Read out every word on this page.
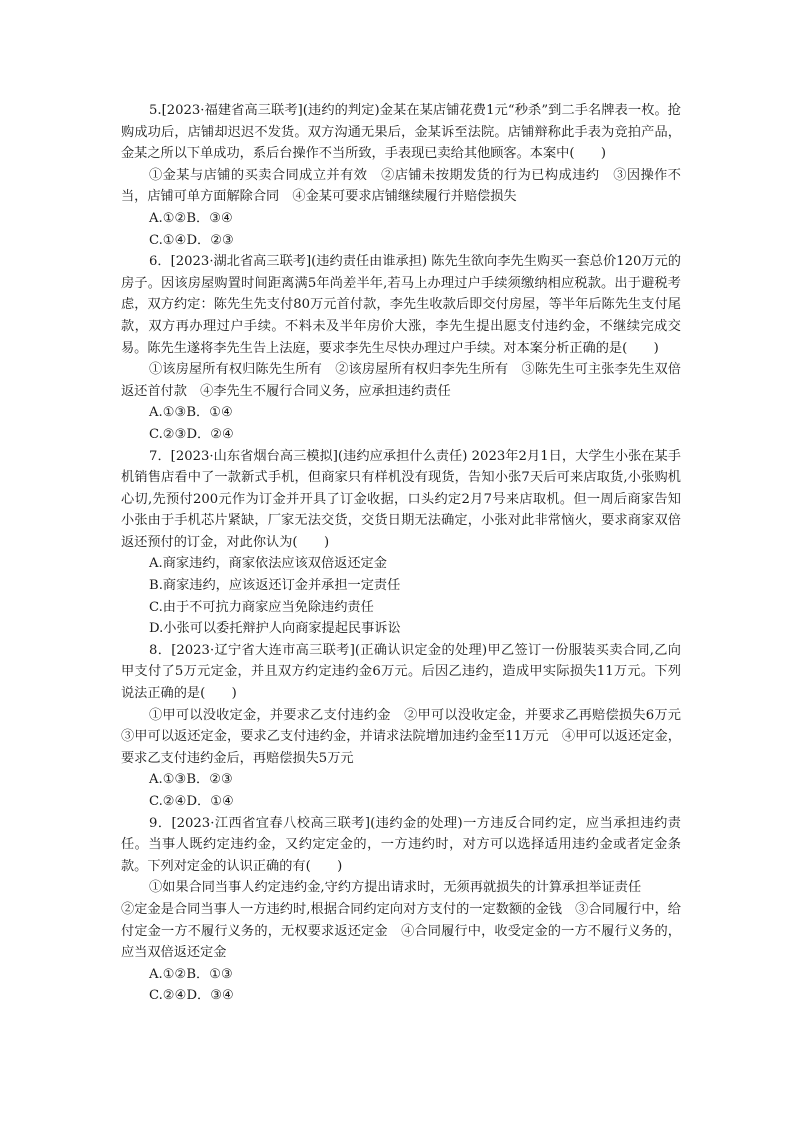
5.[2023·福建省高三联考](违约的判定)金某在某店铺花费1元“秒杀”到二手名牌表一枚。抢购成功后，店铺却迟迟不发货。双方沟通无果后，金某诉至法院。店铺辩称此手表为竞拍产品，金某之所以下单成功，系后台操作不当所致，手表现已卖给其他顾客。本案中(　　)

①金某与店铺的买卖合同成立并有效　②店铺未按期发货的行为已构成违约　③因操作不当，店铺可单方面解除合同　④金某可要求店铺继续履行并赔偿损失

A.①②B．③④

C.①④D．②③

6．[2023·湖北省高三联考](违约责任由谁承担) 陈先生欲向李先生购买一套总价120万元的房子。因该房屋购置时间距离满5年尚差半年,若马上办理过户手续须缴纳相应税款。出于避税考虑，双方约定：陈先生先支付80万元首付款，李先生收款后即交付房屋，等半年后陈先生支付尾款，双方再办理过户手续。不料未及半年房价大涨，李先生提出愿支付违约金，不继续完成交易。陈先生遂将李先生告上法庭，要求李先生尽快办理过户手续。对本案分析正确的是(　　)

①该房屋所有权归陈先生所有　②该房屋所有权归李先生所有　③陈先生可主张李先生双倍返还首付款　④李先生不履行合同义务，应承担违约责任

A.①③B．①④

C.②③D．②④

7．[2023·山东省烟台高三模拟](违约应承担什么责任) 2023年2月1日，大学生小张在某手机销售店看中了一款新式手机，但商家只有样机没有现货，告知小张7天后可来店取货,小张购机心切,先预付200元作为订金并开具了订金收据，口头约定2月7号来店取机。但一周后商家告知小张由于手机芯片紧缺，厂家无法交货，交货日期无法确定，小张对此非常恼火，要求商家双倍返还预付的订金，对此你认为(　　)

A.商家违约，商家依法应该双倍返还定金

B.商家违约，应该返还订金并承担一定责任

C.由于不可抗力商家应当免除违约责任

D.小张可以委托辩护人向商家提起民事诉讼

8．[2023·辽宁省大连市高三联考](正确认识定金的处理)甲乙签订一份服装买卖合同,乙向甲支付了5万元定金，并且双方约定违约金6万元。后因乙违约，造成甲实际损失11万元。下列说法正确的是(　　)

①甲可以没收定金，并要求乙支付违约金　②甲可以没收定金，并要求乙再赔偿损失6万元　③甲可以返还定金，要求乙支付违约金，并请求法院增加违约金至11万元　④甲可以返还定金，要求乙支付违约金后，再赔偿损失5万元

A.①③B．②③

C.②④D．①④

9．[2023·江西省宜春八校高三联考](违约金的处理)一方违反合同约定，应当承担违约责任。当事人既约定违约金，又约定定金的，一方违约时，对方可以选择适用违约金或者定金条款。下列对定金的认识正确的有(　　)

①如果合同当事人约定违约金,守约方提出请求时，无须再就损失的计算承担举证责任

②定金是合同当事人一方违约时,根据合同约定向对方支付的一定数额的金钱　③合同履行中，给付定金一方不履行义务的，无权要求返还定金　④合同履行中，收受定金的一方不履行义务的，应当双倍返还定金

A.①②B．①③

C.②④D．③④
